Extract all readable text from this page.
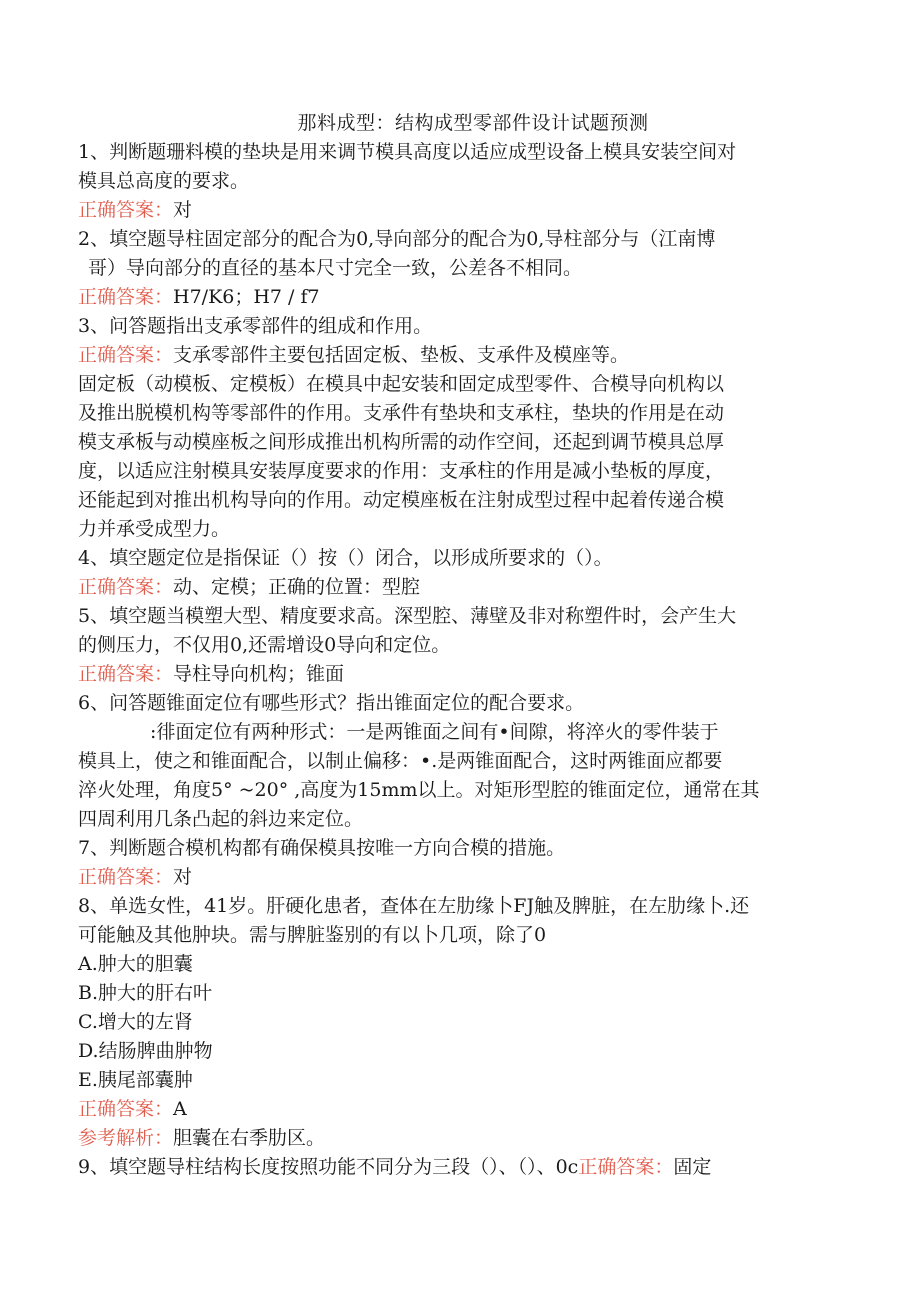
那料成型：结构成型零部件设计试题预测

1、判断题珊料模的垫块是用来调节模具高度以适应成型设备上模具安装空间对

模具总高度的要求。

正确答案：对

2、填空题导柱固定部分的配合为0,导向部分的配合为0,导柱部分与（江南博

哥）导向部分的直径的基本尺寸完全一致，公差各不相同。

正确答案：H7/K6；H7 / f7

3、问答题指出支承零部件的组成和作用。

正确答案：支承零部件主要包括固定板、垫板、支承件及模座等。

固定板（动模板、定模板）在模具中起安装和固定成型零件、合模导向机构以

及推出脱模机构等零部件的作用。支承件有垫块和支承柱，垫块的作用是在动

模支承板与动模座板之间形成推出机构所需的动作空间，还起到调节模具总厚

度，以适应注射模具安装厚度要求的作用：支承柱的作用是减小垫板的厚度，

还能起到对推出机构导向的作用。动定模座板在注射成型过程中起着传递合模

力并承受成型力。

4、填空题定位是指保证（）按（）闭合，以形成所要求的（）。

正确答案：动、定模；正确的位置：型腔

5、填空题当模塑大型、精度要求高。深型腔、薄壁及非对称塑件时，会产生大

的侧压力，不仅用0,还需增设0导向和定位。

正确答案：导柱导向机构；锥面

6、问答题锥面定位有哪些形式？指出锥面定位的配合要求。

:徘面定位有两种形式：一是两锥面之间有•间隙，将淬火的零件装于

模具上，使之和锥面配合，以制止偏移：•.是两锥面配合，这时两锥面应都要

淬火处理，角度5° ~20° ,高度为15mm以上。对矩形型腔的锥面定位，通常在其

四周利用几条凸起的斜边来定位。

7、判断题合模机构都有确保模具按唯一方向合模的措施。

正确答案：对

8、单选女性，41岁。肝硬化患者，查体在左肋缘卜FJ触及脾脏，在左肋缘卜.还

可能触及其他肿块。需与脾脏鉴别的有以卜几项，除了0

A.肿大的胆囊

B.肿大的肝右叶

C.增大的左肾

D.结肠脾曲肿物

E.胰尾部囊肿

正确答案：A

参考解析：胆囊在右季肋区。

9、填空题导柱结构长度按照功能不同分为三段（）、（）、0c正确答案：固定
